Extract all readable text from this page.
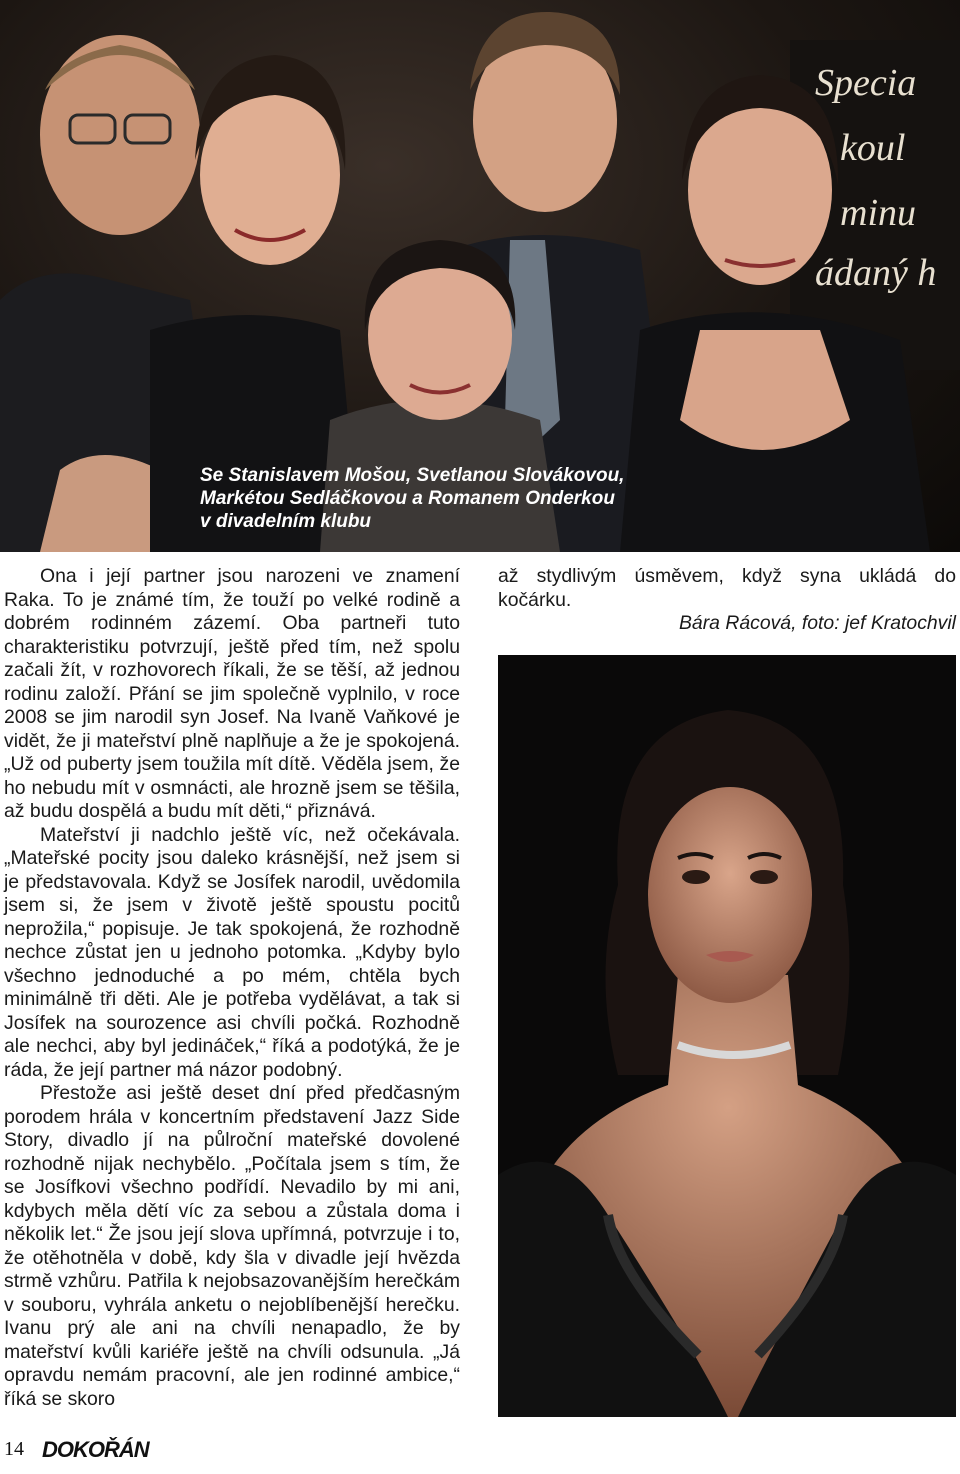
Specia
koul
minu
ádaný h
Se Stanislavem Mošou, Svetlanou Slovákovou,
Markétou Sedláčkovou a Romanem Onderkou
v divadelním klubu

Ona i její partner jsou narozeni ve znamení Raka. To je známé tím, že touží po velké rodině a dobrém rodinném zázemí. Oba partneři tuto charakteristiku potvrzují, ještě před tím, než spolu začali žít, v rozhovorech říkali, že se těší, až jednou rodinu založí. Přání se jim společně vyplnilo, v roce 2008 se jim narodil syn Josef. Na Ivaně Vaňkové je vidět, že ji mateřství plně naplňuje a že je spokojená. „Už od puberty jsem toužila mít dítě. Věděla jsem, že ho nebudu mít v osmnácti, ale hrozně jsem se těšila, až budu dospělá a budu mít děti,“ přiznává.

Mateřství ji nadchlo ještě víc, než očekávala. „Mateřské pocity jsou daleko krásnější, než jsem si je představovala. Když se Josífek narodil, uvědomila jsem si, že jsem v životě ještě spoustu pocitů neprožila,“ popisuje. Je tak spokojená, že rozhodně nechce zůstat jen u jednoho potomka. „Kdyby bylo všechno jednoduché a po mém, chtěla bych minimálně tři děti. Ale je potřeba vydělávat, a tak si Josífek na sourozence asi chvíli počká. Rozhodně ale nechci, aby byl jedináček,“ říká a podotýká, že je ráda, že její partner má názor podobný.

Přestože asi ještě deset dní před předčasným porodem hrála v koncertním představení Jazz Side Story, divadlo jí na půlroční mateřské dovolené rozhodně nijak nechybělo. „Počítala jsem s tím, že se Josífkovi všechno podřídí. Nevadilo by mi ani, kdybych měla dětí víc za sebou a zůstala doma i několik let.“ Že jsou její slova upřímná, potvrzuje i to, že otěhotněla v době, kdy šla v divadle její hvězda strmě vzhůru. Patřila k nejobsazovanějším herečkám v souboru, vyhrála anketu o nejoblíbenější herečku. Ivanu prý ale ani na chvíli nenapadlo, že by mateřství kvůli kariéře ještě na chvíli odsunula. „Já opravdu nemám pracovní, ale jen rodinné ambice,“ říká se skoro

až stydlivým úsměvem, když syna ukládá do kočárku.

Bára Rácová, foto: jef Kratochvil

14 DOKOŘÁN
